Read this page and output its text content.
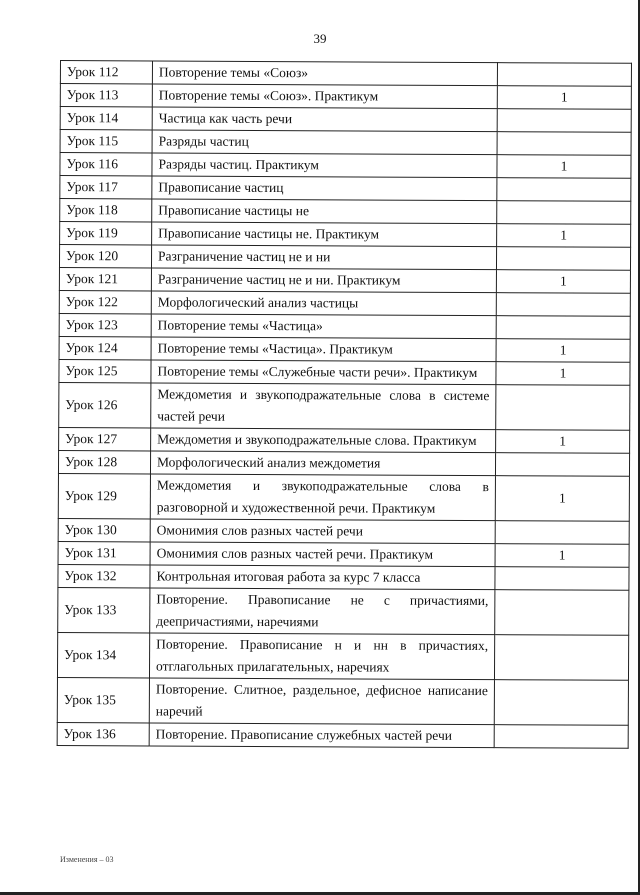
39
Урок 112	Повторение темы «Союз»	
Урок 113	Повторение темы «Союз». Практикум	1
Урок 114	Частица как часть речи	
Урок 115	Разряды частиц	
Урок 116	Разряды частиц. Практикум	1
Урок 117	Правописание частиц	
Урок 118	Правописание частицы не	
Урок 119	Правописание частицы не. Практикум	1
Урок 120	Разграничение частиц не и ни	
Урок 121	Разграничение частиц не и ни. Практикум	1
Урок 122	Морфологический анализ частицы	
Урок 123	Повторение темы «Частица»	
Урок 124	Повторение темы «Частица». Практикум	1
Урок 125	Повторение темы «Служебные части речи». Практикум	1
Урок 126	Междометия и звукоподражательные слова в системе частей речи	
Урок 127	Междометия и звукоподражательные слова. Практикум	1
Урок 128	Морфологический анализ междометия	
Урок 129	Междометия и звукоподражательные слова в разговорной и художественной речи. Практикум	1
Урок 130	Омонимия слов разных частей речи	
Урок 131	Омонимия слов разных частей речи. Практикум	1
Урок 132	Контрольная итоговая работа за курс 7 класса	
Урок 133	Повторение. Правописание не с причастиями, деепричастиями, наречиями	
Урок 134	Повторение. Правописание н и нн в причастиях, отглагольных прилагательных, наречиях	
Урок 135	Повторение. Слитное, раздельное, дефисное написание наречий	
Урок 136	Повторение. Правописание служебных частей речи	
Изменения – 03
